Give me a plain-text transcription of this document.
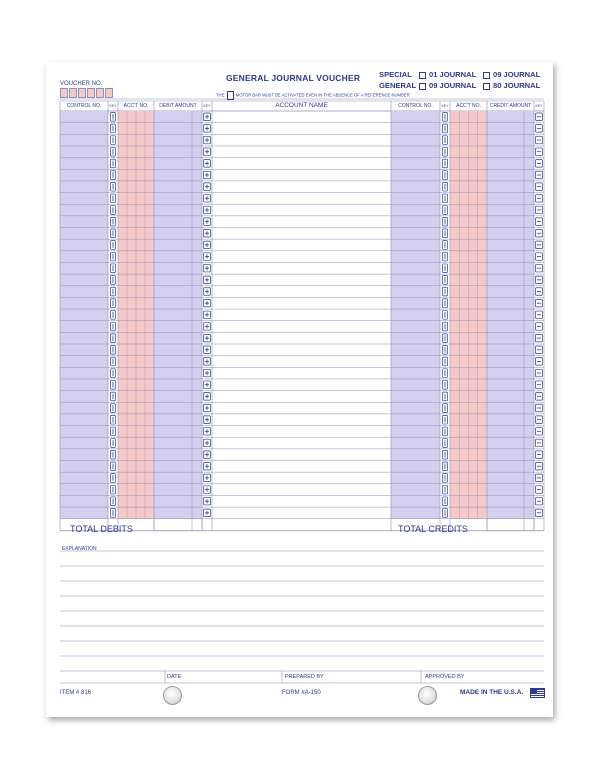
GENERAL JOURNAL VOUCHER SPECIAL	01 JOURNAL	09 JOURNAL
GENERAL	09 JOURNAL	80 JOURNAL
VOUCHER NO.
THE	MOTOR BAR MUST BE ACTIVATED EVEN IN THE ABSENCE OF A REFERENCE NUMBER
CONTROL NO.	KEY	ACC'T NO.	DEBIT AMOUNT	KEY	ACCOUNT NAME	CONTROL NO.	KEY	ACC'T NO.	CREDIT AMOUNT	KEY
TOTAL DEBITS	TOTAL CREDITS
EXPLANATION
DATE	PREPARED BY	APPROVED BY
ITEM # 816	FORM #A-150	MADE IN THE U.S.A.
